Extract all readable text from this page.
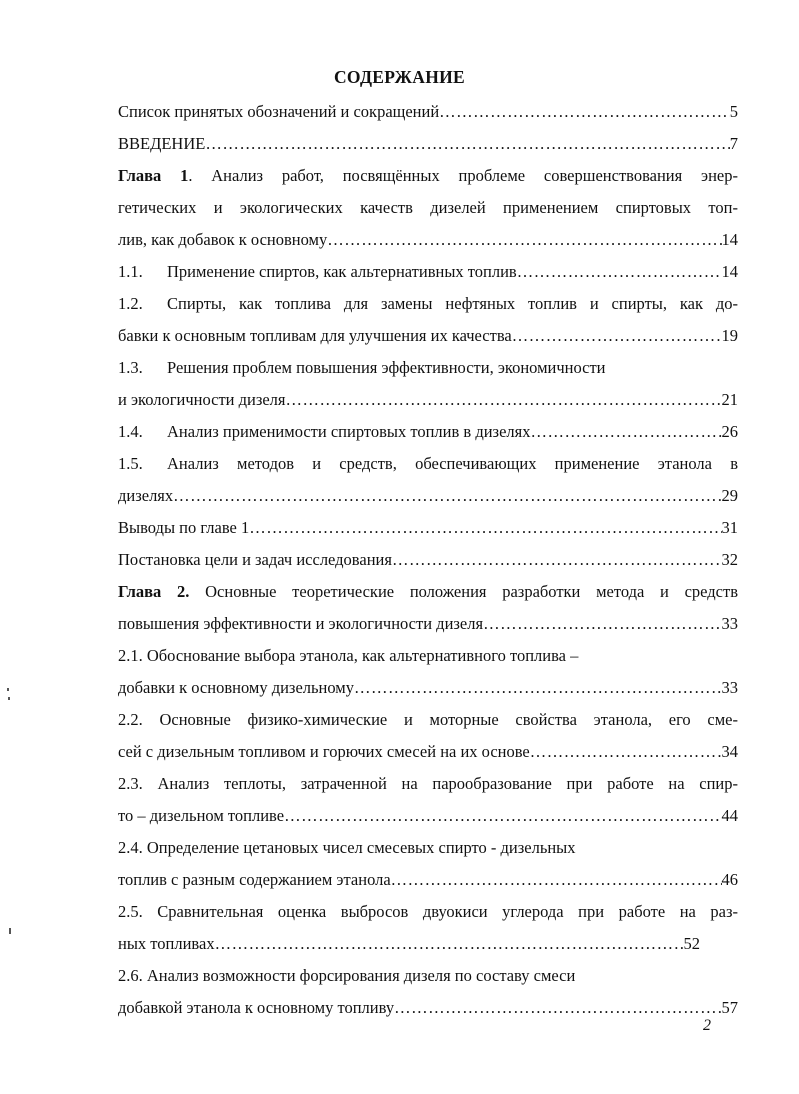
СОДЕРЖАНИЕ
Список принятых обозначений и сокращений ……………………………………………………………………………………………………………………………………………………	5
ВВЕДЕНИЕ ……………………………………………………………………………………………………………………………………………………	7
Глава 1. Анализ работ, посвящённых проблеме совершенствования энер-
гетических и экологических качеств дизелей применением спиртовых топ-
лив, как добавок к основному ……………………………………………………………………………………………………………………………………………………	14
1.1. Применение спиртов, как альтернативных топлив ……………………………………………………………………………………………………………………………………………………	14
1.2. Спирты, как топлива для замены нефтяных топлив и спирты, как до-
бавки к основным топливам для улучшения их качества ……………………………………………………………………………………………………………………………………………………	19
1.3. Решения проблем повышения эффективности, экономичности
и экологичности дизеля ……………………………………………………………………………………………………………………………………………………	21
1.4. Анализ применимости спиртовых топлив в дизелях ……………………………………………………………………………………………………………………………………………………	26
1.5. Анализ методов и средств, обеспечивающих применение этанола в
дизелях ……………………………………………………………………………………………………………………………………………………	29
Выводы по главе 1 ……………………………………………………………………………………………………………………………………………………	31
Постановка цели и задач исследования ……………………………………………………………………………………………………………………………………………………	32
Глава 2. Основные теоретические положения разработки метода и средств
повышения эффективности и экологичности дизеля ……………………………………………………………………………………………………………………………………………………	33
2.1. Обоснование выбора этанола, как альтернативного топлива –
добавки к основному дизельному ……………………………………………………………………………………………………………………………………………………	33
2.2. Основные физико-химические и моторные свойства этанола, его сме-
сей с дизельным топливом и горючих смесей на их основе ……………………………………………………………………………………………………………………………………………………	34
2.3. Анализ теплоты, затраченной на парообразование при работе на спир-
то – дизельном топливе ……………………………………………………………………………………………………………………………………………………	44
2.4. Определение цетановых чисел смесевых спирто - дизельных
топлив с разным содержанием этанола ……………………………………………………………………………………………………………………………………………………	46
2.5. Сравнительная оценка выбросов двуокиси углерода при работе на раз-
ных топливах ……………………………………………………………………………………………………………………………………………………	52
2.6. Анализ возможности форсирования дизеля по составу смеси
добавкой этанола к основному топливу ……………………………………………………………………………………………………………………………………………………	57
2
